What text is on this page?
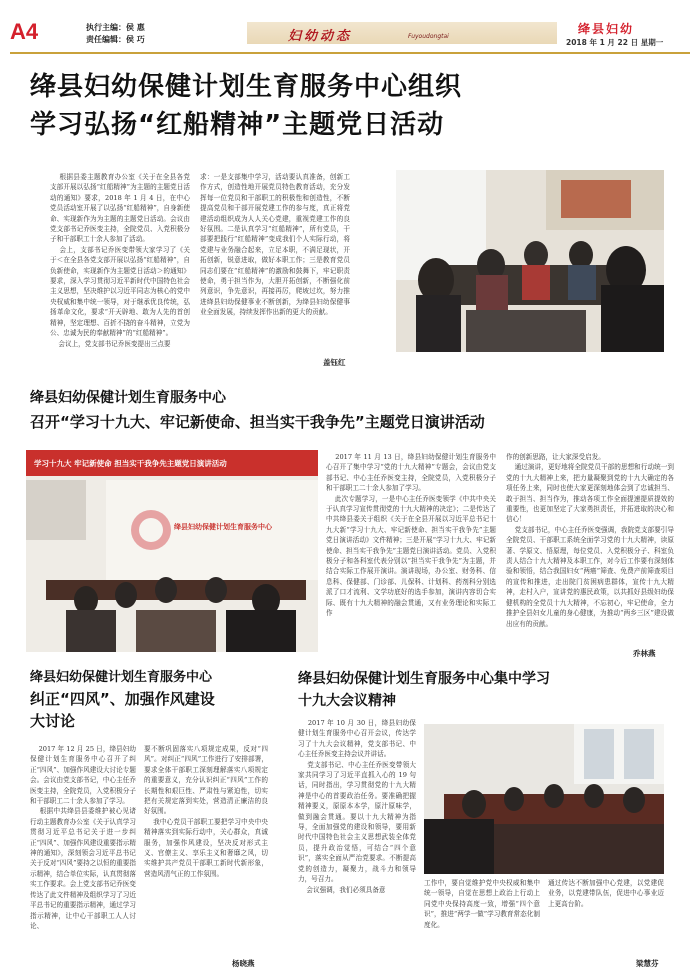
A4	执行主编：侯 惠
责任编辑：侯 巧	妇幼动态	Fuyoudongtai
绛县妇幼
2018 年 1 月 22 日 星期一
绛县妇幼保健计划生育服务中心组织
学习弘扬“红船精神”主题党日活动
根据县委主题教育办公室《关于在全县各党支部开展以弘扬“红船精神”为主题的主题党日活动的通知》要求，2018 年 1 月 4 日，在中心党员活动室开展了以弘扬“红船精神”，自身新使命、实现新作为为主题的主题党日活动。会议由党支部书记乔医变主持，全院党员、入党积极分子和干部职工十余人参加了活动。
会上，支部书记乔医变带领大家学习了《关于＜在全县各党支部开展以弘扬“红船精神”，自负新使命，实现新作为主题党日活动＞的通知》要求，深入学习贯彻习近平新时代中国特色社会主义思想，坚决维护以习近平同志为核心的党中央权威和集中统一领导，对于继承优良传统，弘扬革命文化，要求“开天辟地、敢为人先的首创精神，坚定理想、百折不挠的奋斗精神，立党为公、忠诚为民的奉献精神”的“红船精神”。
会议上，党支部书记乔医变提出三点要
求：一是支部集中学习，活动要认真准备，创新工作方式，创造性地开展党员特色教育活动，充分发挥每一位党员和干部职工的积极性和创造性，不断提高党员和干部开展党建工作的参与度，真正将党建活动组织成为人人关心党建，重视党建工作的良好氛围。二是认真学习“红船精神”，所有党员，干部要把践行“红船精神”变成我们个人实际行动，将党建与业务融合起来，立足本职，不满足现状，开拓创新，锐意进取，做好本职工作；三是教育党员同志们要在“红船精神”的激励和鼓舞下，牢记职责使命，勇于担当作为，大胆开拓创新，不断强化前列意识，争先意识，再接再厉，爬坡过坎，努力推进绛县妇幼保健事业不断创新，为绛县妇幼保健事业全面发展，持续发挥作出新的更大的贡献。
盖钰红
绛县妇幼保健计划生育服务中心
召开“学习十九大、牢记新使命、担当实干我争先”主题党日演讲活动
学习十九大 牢记新使命 担当实干我争先主题党日演讲活动
绛县妇幼保健计划生育服务中心
2017 年 11 月 13 日，绛县妇幼保健计划生育服务中心召开了集中学习“党的十九大精神”专题会，会议由党支部书记、中心主任乔医变主持，全院党员，入党积极分子和干部职工二十余人参加了学习。
此次专题学习，一是中心主任乔医变领学《中共中央关于认真学习宣传贯彻党的十九大精神的决定》；二是传达了中共绛县委关于组织《关于在全县开展以习近平总书记十九大新“学习十九大、牢记新使命、担当实干我争先”主题党日演讲活动》文件精神；三是开展“学习十九大、牢记新使命、担当实干我争先”主题党日演讲活动。党员、入党积极分子和各科室代表分别以“担当实干我争先”为主题，并结合实际工作展开演讲。演讲现场，办公室、财务科、信息科、保健部、门诊部、儿保科、计划科、药剂科分别选派了口才流利、文学功底好的选手参加，演讲内容切合实际、既有十九大精神的融会贯通，又有业务理论和实际工作
作的创新思路，让大家深受启发。
通过演讲，更好地将全院党员干部的思想和行动统一到党的十九大精神上来，把力量凝聚到党的十九大确定的各项任务上来，同时也使大家更深刻地体会到了忠诚担当、敢于担当、担当作为，推动各项工作全面提速提质提效的重要性，也更加坚定了大家勇担责任，并拓进取的决心和信心！
党支部书记，中心主任乔医变强调，我院党支部要引导全院党员、干部职工系统全面学习党的十九大精神，读原著、学原文、悟原理，每位党员、入党积极分子、科室负责人结合十九大精神及本职工作，对今后工作要有深刻体验和领悟，结合我国妇女“两癌”筛查、免费产前筛查项目的宣传和推进，走出院门贫困病患群体，宣传十九大精神，走村入户，宣讲党的惠民政策，以共抓好县级妇幼保健机构的全党员十九大精神，不忘初心，牢记使命，全力推护全县妇女儿童的身心健康，为推动“两乡三区”建设做出应有的贡献。
乔林燕
绛县妇幼保健计划生育服务中心
纠正“四风”、加强作风建设
大讨论
2017 年 12 月 25 日，绛县妇幼保健计划生育服务中心召开了纠正“四风”、加强作风建设大讨论专题会。会议由党支部书记，中心主任乔医变主持，全院党员，入党积极分子和干部职工二十余人参加了学习。
根据中共绛县县委维护被心见诸行动主题教育办公室《关于认真学习贯彻习近平总书记关于进一步纠正“四风”、加强作风建设重要指示精神的通知》，深刻领会习近平总书记关于反对“四风”要持之以恒的重要指示精神，结合单位实际，认真贯彻落实工作要求。会上党支部书记乔医变传达了此文件精神及组织学习了习近平总书记的重要指示精神，通过学习指示精神，让中心干部职工人人讨论、
要不断巩固落实八项规定成果，反对“四风”。对纠正“四风”工作进行了安排部署，要求全体干部职工深刻理解落实八项规定的重要意义，充分认识纠正“四风”工作的长期性和艰巨性、严肃性与紧迫性，切实把有关规定落到实处，营造清正廉洁的良好氛围。
我中心党员干部职工要把学习中央中央精神落实到实际行动中，关心群众，真诚服务，加强作风建设，坚决反对形式主义、官僚主义、享乐主义和奢靡之风，切实维护共产党员干部职工新时代新形象，营造风清气正的工作氛围。
杨晓燕
绛县妇幼保健计划生育服务中心集中学习
十九大会议精神
2017 年 10 月 30 日，绛县妇幼保健计划生育服务中心召开会议，传达学习了十九大会议精神，党支部书记、中心主任乔医变主持会议并讲话。
党支部书记、中心主任乔医变带领大家共同学习了习近平直抓入心的 19 句话，同时指出，学习贯彻党的十九大精神是中心的首要政治任务。要准确把握精神要义，原原本本学，原汁原味学，做到融会贯通。要以十九大精神为指导，全面加强党的建设和领导，要用新时代中国特色社会主义思想武装全体党员，提升政治觉悟，可结合“四个意识”，落实全面从严治党要求。不断提高党的创造力，凝聚力，战斗力和领导力，号召力。
会议强调，我们必须具备意
工作中，要自觉维护党中央权威和集中统一领导，自觉在思想上政治上行动上同党中央保持高度一致，增强“四个意识”，推进“两学一做”学习教育常态化制度化。
通过传达不断加强中心党建，以党建促业务，以党建带队伍，促进中心事业迈上更高台阶。
梁慧芬
